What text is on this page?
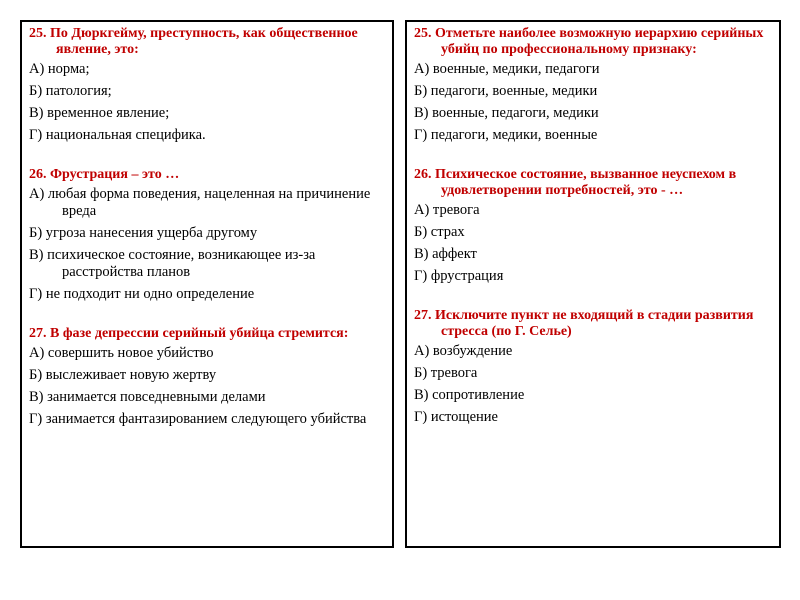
25. По Дюркгейму, преступность, как общественное явление, это:
А) норма;
Б) патология;
В) временное явление;
Г) национальная специфика.
26. Фрустрация – это …
А) любая форма поведения, нацеленная на причинение вреда
Б) угроза нанесения ущерба другому
В) психическое состояние, возникающее из-за расстройства планов
Г) не подходит ни одно определение
27. В фазе депрессии серийный убийца стремится:
А) совершить новое убийство
Б) выслеживает новую жертву
В) занимается повседневными делами
Г) занимается фантазированием следующего убийства
25. Отметьте наиболее возможную иерархию серийных убийц по профессиональному признаку:
А) военные, медики, педагоги
Б) педагоги, военные, медики
В) военные, педагоги, медики
Г) педагоги, медики, военные
26. Психическое состояние, вызванное неуспехом в удовлетворении потребностей, это - …
А) тревога
Б) страх
В) аффект
Г) фрустрация
27. Исключите пункт не входящий в стадии развития стресса (по Г. Селье)
А) возбуждение
Б) тревога
В) сопротивление
Г) истощение
